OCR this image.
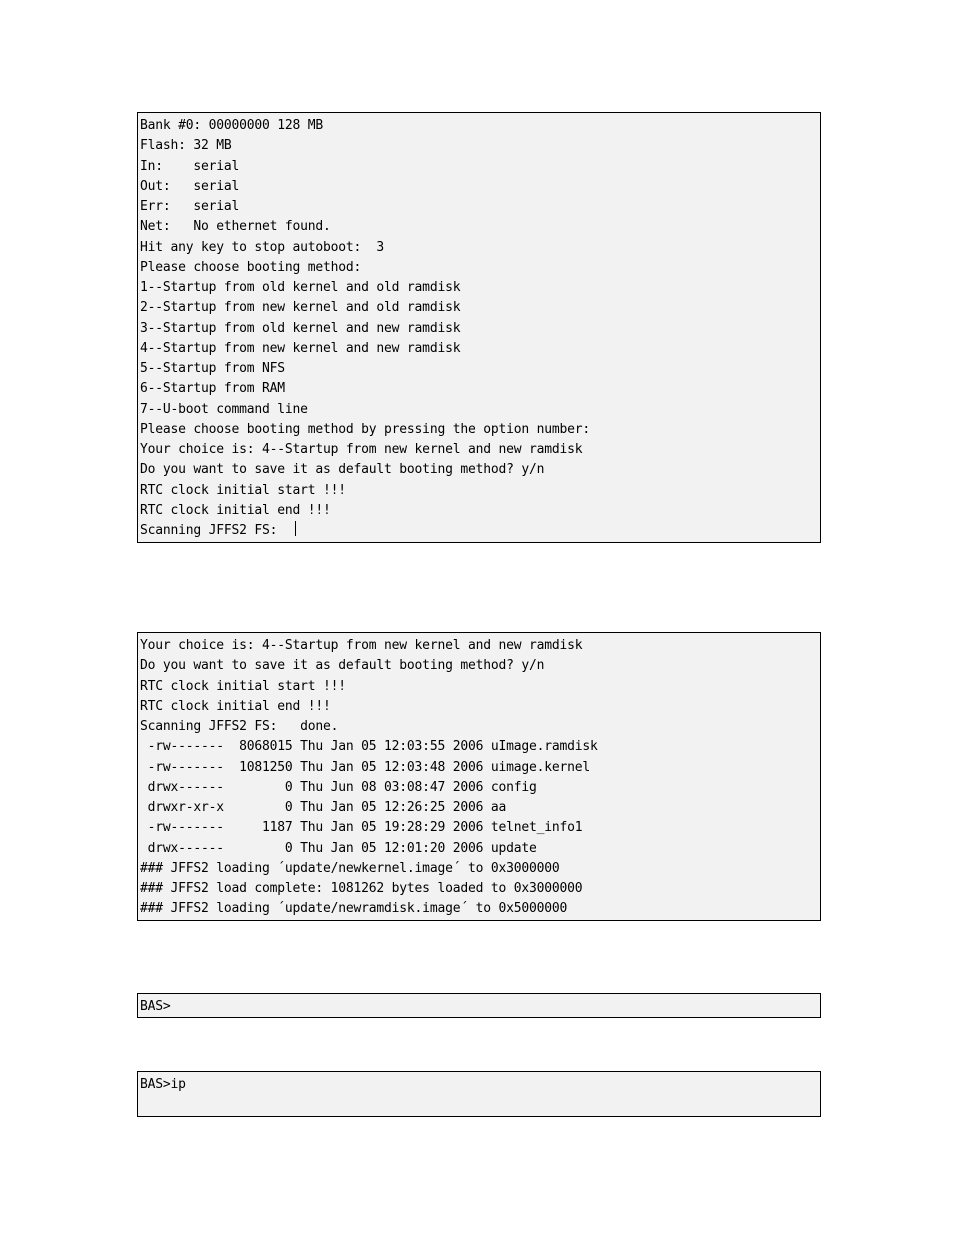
Bank #0: 00000000 128 MB
Flash: 32 MB
In:    serial
Out:   serial
Err:   serial
Net:   No ethernet found.
Hit any key to stop autoboot:  3
Please choose booting method:
1--Startup from old kernel and old ramdisk
2--Startup from new kernel and old ramdisk
3--Startup from old kernel and new ramdisk
4--Startup from new kernel and new ramdisk
5--Startup from NFS
6--Startup from RAM
7--U-boot command line
Please choose booting method by pressing the option number:
Your choice is: 4--Startup from new kernel and new ramdisk
Do you want to save it as default booting method? y/n
RTC clock initial start !!!
RTC clock initial end !!!
Scanning JFFS2 FS:
Your choice is: 4--Startup from new kernel and new ramdisk
Do you want to save it as default booting method? y/n
RTC clock initial start !!!
RTC clock initial end !!!
Scanning JFFS2 FS:   done.
-rw-------  8068015 Thu Jan 05 12:03:55 2006 uImage.ramdisk
-rw-------  1081250 Thu Jan 05 12:03:48 2006 uimage.kernel
drwx------        0 Thu Jun 08 03:08:47 2006 config
drwxr-xr-x        0 Thu Jan 05 12:26:25 2006 aa
-rw-------     1187 Thu Jan 05 19:28:29 2006 telnet_info1
drwx------        0 Thu Jan 05 12:01:20 2006 update
### JFFS2 loading ´update/newkernel.image´ to 0x3000000
### JFFS2 load complete: 1081262 bytes loaded to 0x3000000
### JFFS2 loading ´update/newramdisk.image´ to 0x5000000
BAS>
BAS>ip
